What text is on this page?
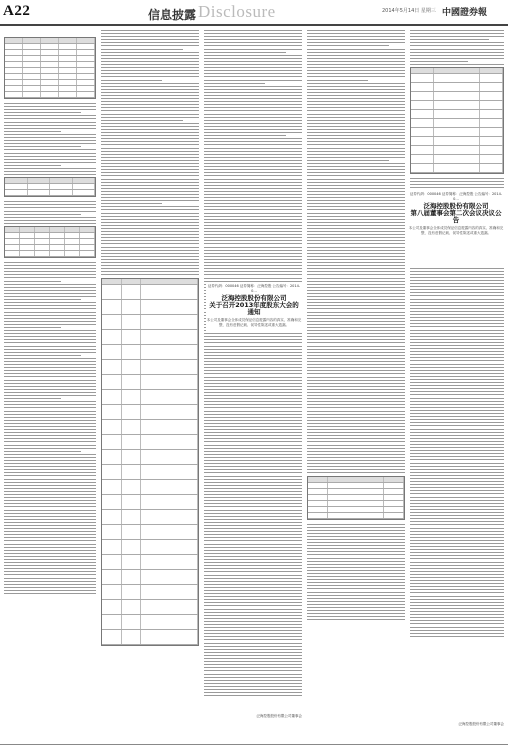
A22	信息披露 Disclosure	2014年5月14日 星期三 中國證券報

证券代码：000046 证券简称：泛海控股 公告编号：2014-0…
泛海控股股份有限公司
关于召开2013年度股东大会的通知
本公司及董事会全体成员保证信息披露内容的真实、准确和完整，没有虚假记载、误导性陈述或重大遗漏。
证券代码：000046 证券简称：泛海控股 公告编号：2014-0…
泛海控股股份有限公司
第八届董事会第二次会议决议公告
本公司及董事会全体成员保证信息披露内容的真实、准确和完整，没有虚假记载、误导性陈述或重大遗漏。
泛海控股股份有限公司董事会
泛海控股股份有限公司董事会
